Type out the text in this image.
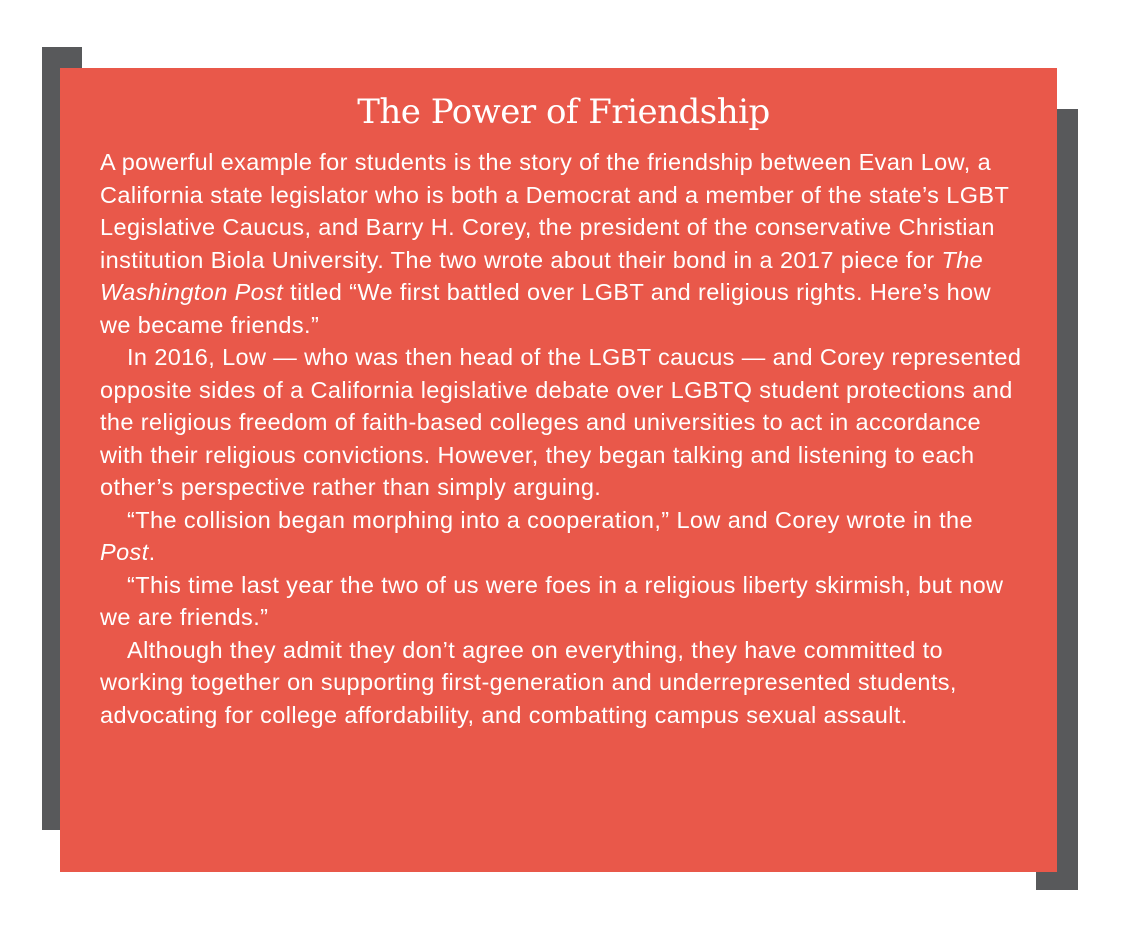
The Power of Friendship

A powerful example for students is the story of the friendship between Evan Low, a California state legislator who is both a Democrat and a member of the state’s LGBT Legislative Caucus, and Barry H. Corey, the president of the conservative Christian institution Biola University. The two wrote about their bond in a 2017 piece for The Washington Post titled “We first battled over LGBT and religious rights. Here’s how we became friends.”

In 2016, Low — who was then head of the LGBT caucus — and Corey represented opposite sides of a California legislative debate over LGBTQ student protections and the religious freedom of faith-based colleges and universities to act in accordance with their religious convictions. However, they began talking and listening to each other’s perspective rather than simply arguing.

“The collision began morphing into a cooperation,” Low and Corey wrote in the Post.

“This time last year the two of us were foes in a religious liberty skirmish, but now we are friends.”

Although they admit they don’t agree on everything, they have committed to working together on supporting first-generation and underrepresented students, advocating for college affordability, and combatting campus sexual assault.
